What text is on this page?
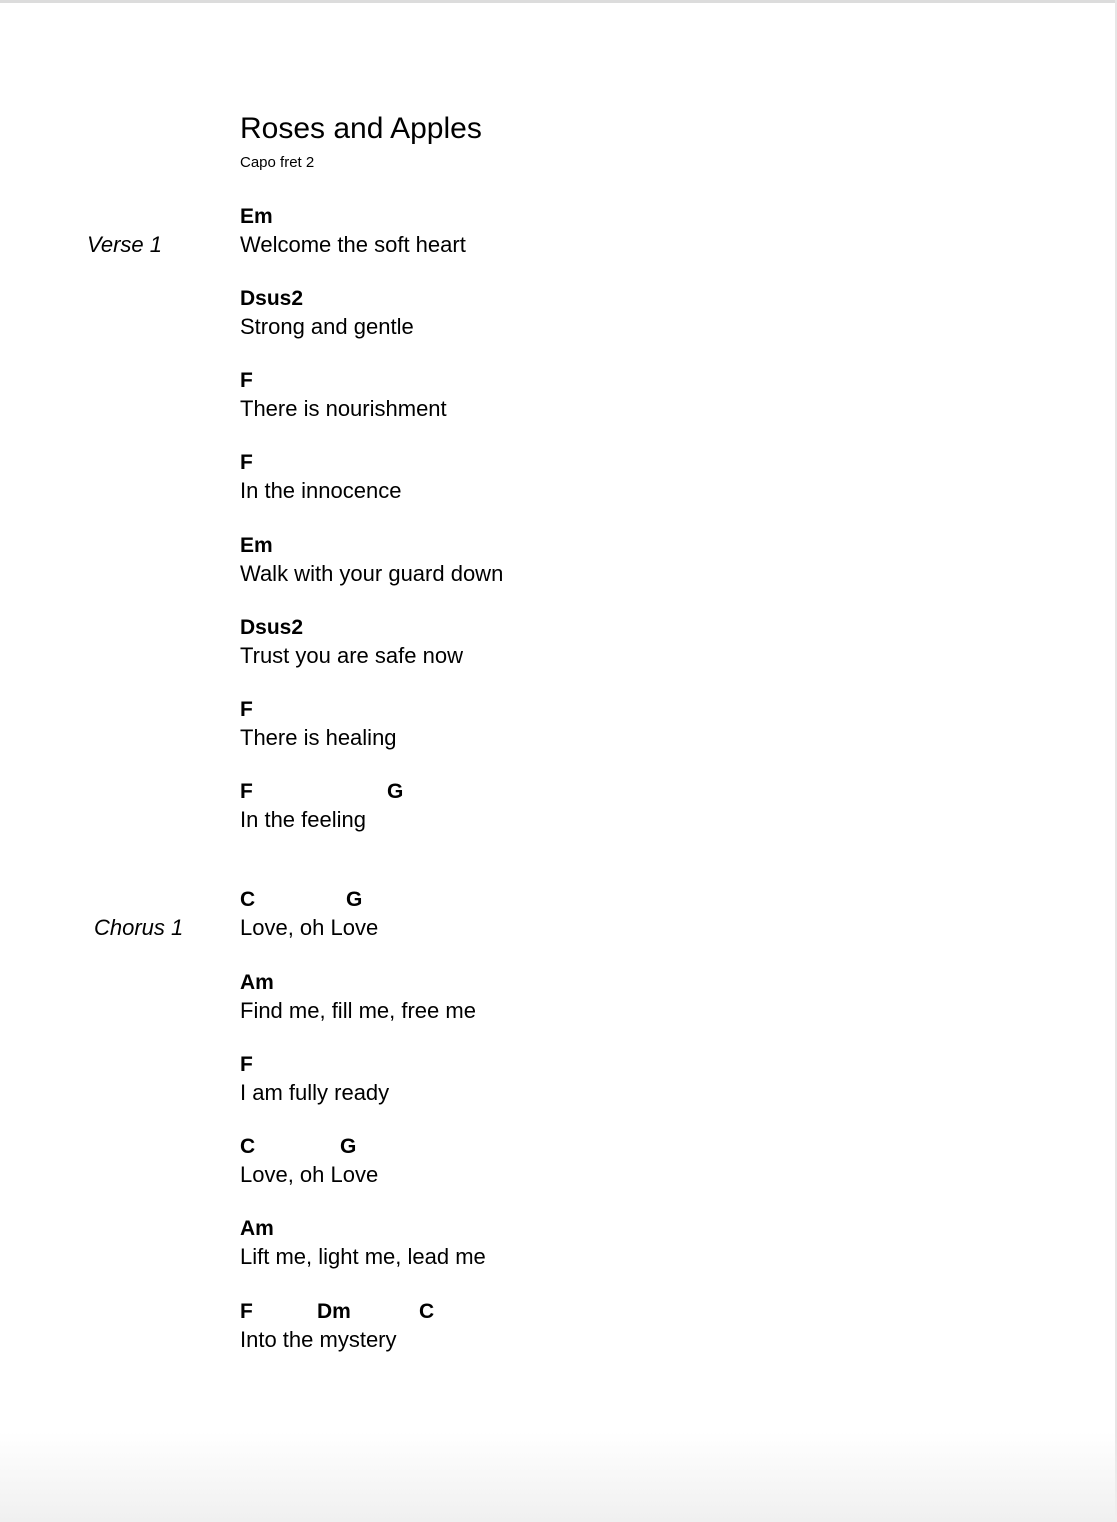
Roses and Apples
Capo fret 2
Verse 1
Em
Welcome the soft heart
Dsus2
Strong and gentle
F
There is nourishment
F
In the innocence
Em
Walk with your guard down
Dsus2
Trust you are safe now
F
There is healing
F	G
In the feeling
Chorus 1
C	G
Love, oh Love
Am
Find me, fill me, free me
F
I am fully ready
C	G
Love, oh Love
Am
Lift me, light me, lead me
F	Dm	C
Into the mystery
